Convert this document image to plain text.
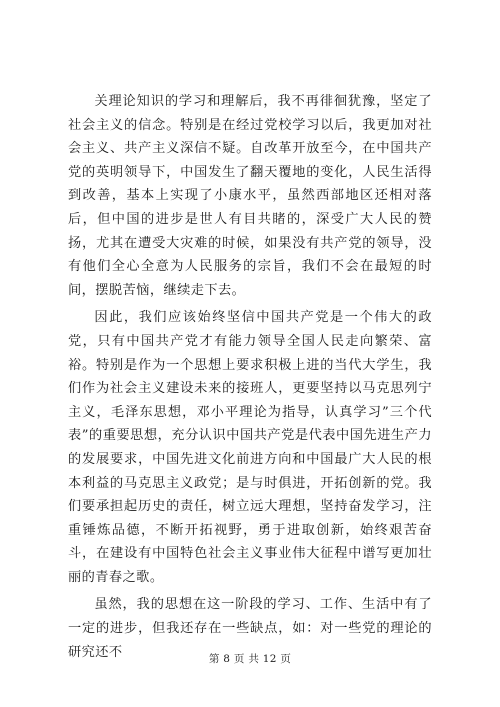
关理论知识的学习和理解后，我不再徘徊犹豫，坚定了社会主义的信念。特别是在经过党校学习以后，我更加对社会主义、共产主义深信不疑。自改革开放至今，在中国共产党的英明领导下，中国发生了翻天覆地的变化，人民生活得到改善，基本上实现了小康水平，虽然西部地区还相对落后，但中国的进步是世人有目共睹的，深受广大人民的赞扬，尤其在遭受大灾难的时候，如果没有共产党的领导，没有他们全心全意为人民服务的宗旨，我们不会在最短的时间，摆脱苦恼，继续走下去。

因此，我们应该始终坚信中国共产党是一个伟大的政党，只有中国共产党才有能力领导全国人民走向繁荣、富裕。特别是作为一个思想上要求积极上进的当代大学生，我们作为社会主义建设未来的接班人，更要坚持以马克思列宁主义，毛泽东思想，邓小平理论为指导，认真学习”三个代表”的重要思想，充分认识中国共产党是代表中国先进生产力的发展要求，中国先进文化前进方向和中国最广大人民的根本利益的马克思主义政党；是与时俱进，开拓创新的党。我们要承担起历史的责任，树立远大理想，坚持奋发学习，注重锤炼品德，不断开拓视野，勇于进取创新，始终艰苦奋斗，在建设有中国特色社会主义事业伟大征程中谱写更加壮丽的青春之歌。

虽然，我的思想在这一阶段的学习、工作、生活中有了一定的进步，但我还存在一些缺点，如：对一些党的理论的研究还不	第 8 页 共 12 页
